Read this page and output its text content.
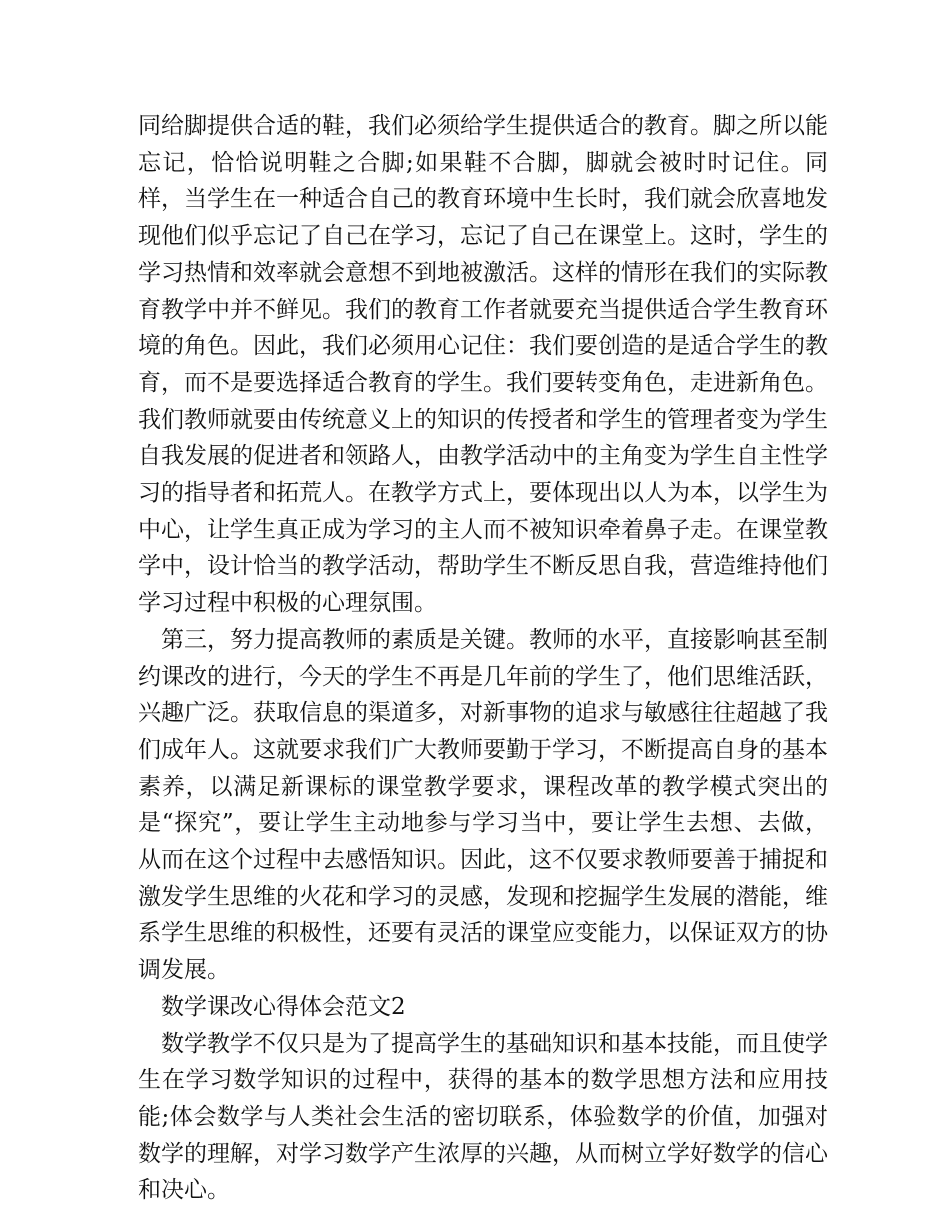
同给脚提供合适的鞋，我们必须给学生提供适合的教育。脚之所以能忘记，恰恰说明鞋之合脚;如果鞋不合脚，脚就会被时时记住。同样，当学生在一种适合自己的教育环境中生长时，我们就会欣喜地发现他们似乎忘记了自己在学习，忘记了自己在课堂上。这时，学生的学习热情和效率就会意想不到地被激活。这样的情形在我们的实际教育教学中并不鲜见。我们的教育工作者就要充当提供适合学生教育环境的角色。因此，我们必须用心记住：我们要创造的是适合学生的教育，而不是要选择适合教育的学生。我们要转变角色，走进新角色。我们教师就要由传统意义上的知识的传授者和学生的管理者变为学生自我发展的促进者和领路人，由教学活动中的主角变为学生自主性学习的指导者和拓荒人。在教学方式上，要体现出以人为本，以学生为中心，让学生真正成为学习的主人而不被知识牵着鼻子走。在课堂教学中，设计恰当的教学活动，帮助学生不断反思自我，营造维持他们学习过程中积极的心理氛围。

第三，努力提高教师的素质是关键。教师的水平，直接影响甚至制约课改的进行，今天的学生不再是几年前的学生了，他们思维活跃，兴趣广泛。获取信息的渠道多，对新事物的追求与敏感往往超越了我们成年人。这就要求我们广大教师要勤于学习，不断提高自身的基本素养，以满足新课标的课堂教学要求，课程改革的教学模式突出的是“探究”，要让学生主动地参与学习当中，要让学生去想、去做，从而在这个过程中去感悟知识。因此，这不仅要求教师要善于捕捉和激发学生思维的火花和学习的灵感，发现和挖掘学生发展的潜能，维系学生思维的积极性，还要有灵活的课堂应变能力，以保证双方的协调发展。

数学课改心得体会范文2

数学教学不仅只是为了提高学生的基础知识和基本技能，而且使学生在学习数学知识的过程中，获得的基本的数学思想方法和应用技能;体会数学与人类社会生活的密切联系，体验数学的价值，加强对数学的理解，对学习数学产生浓厚的兴趣，从而树立学好数学的信心和决心。
